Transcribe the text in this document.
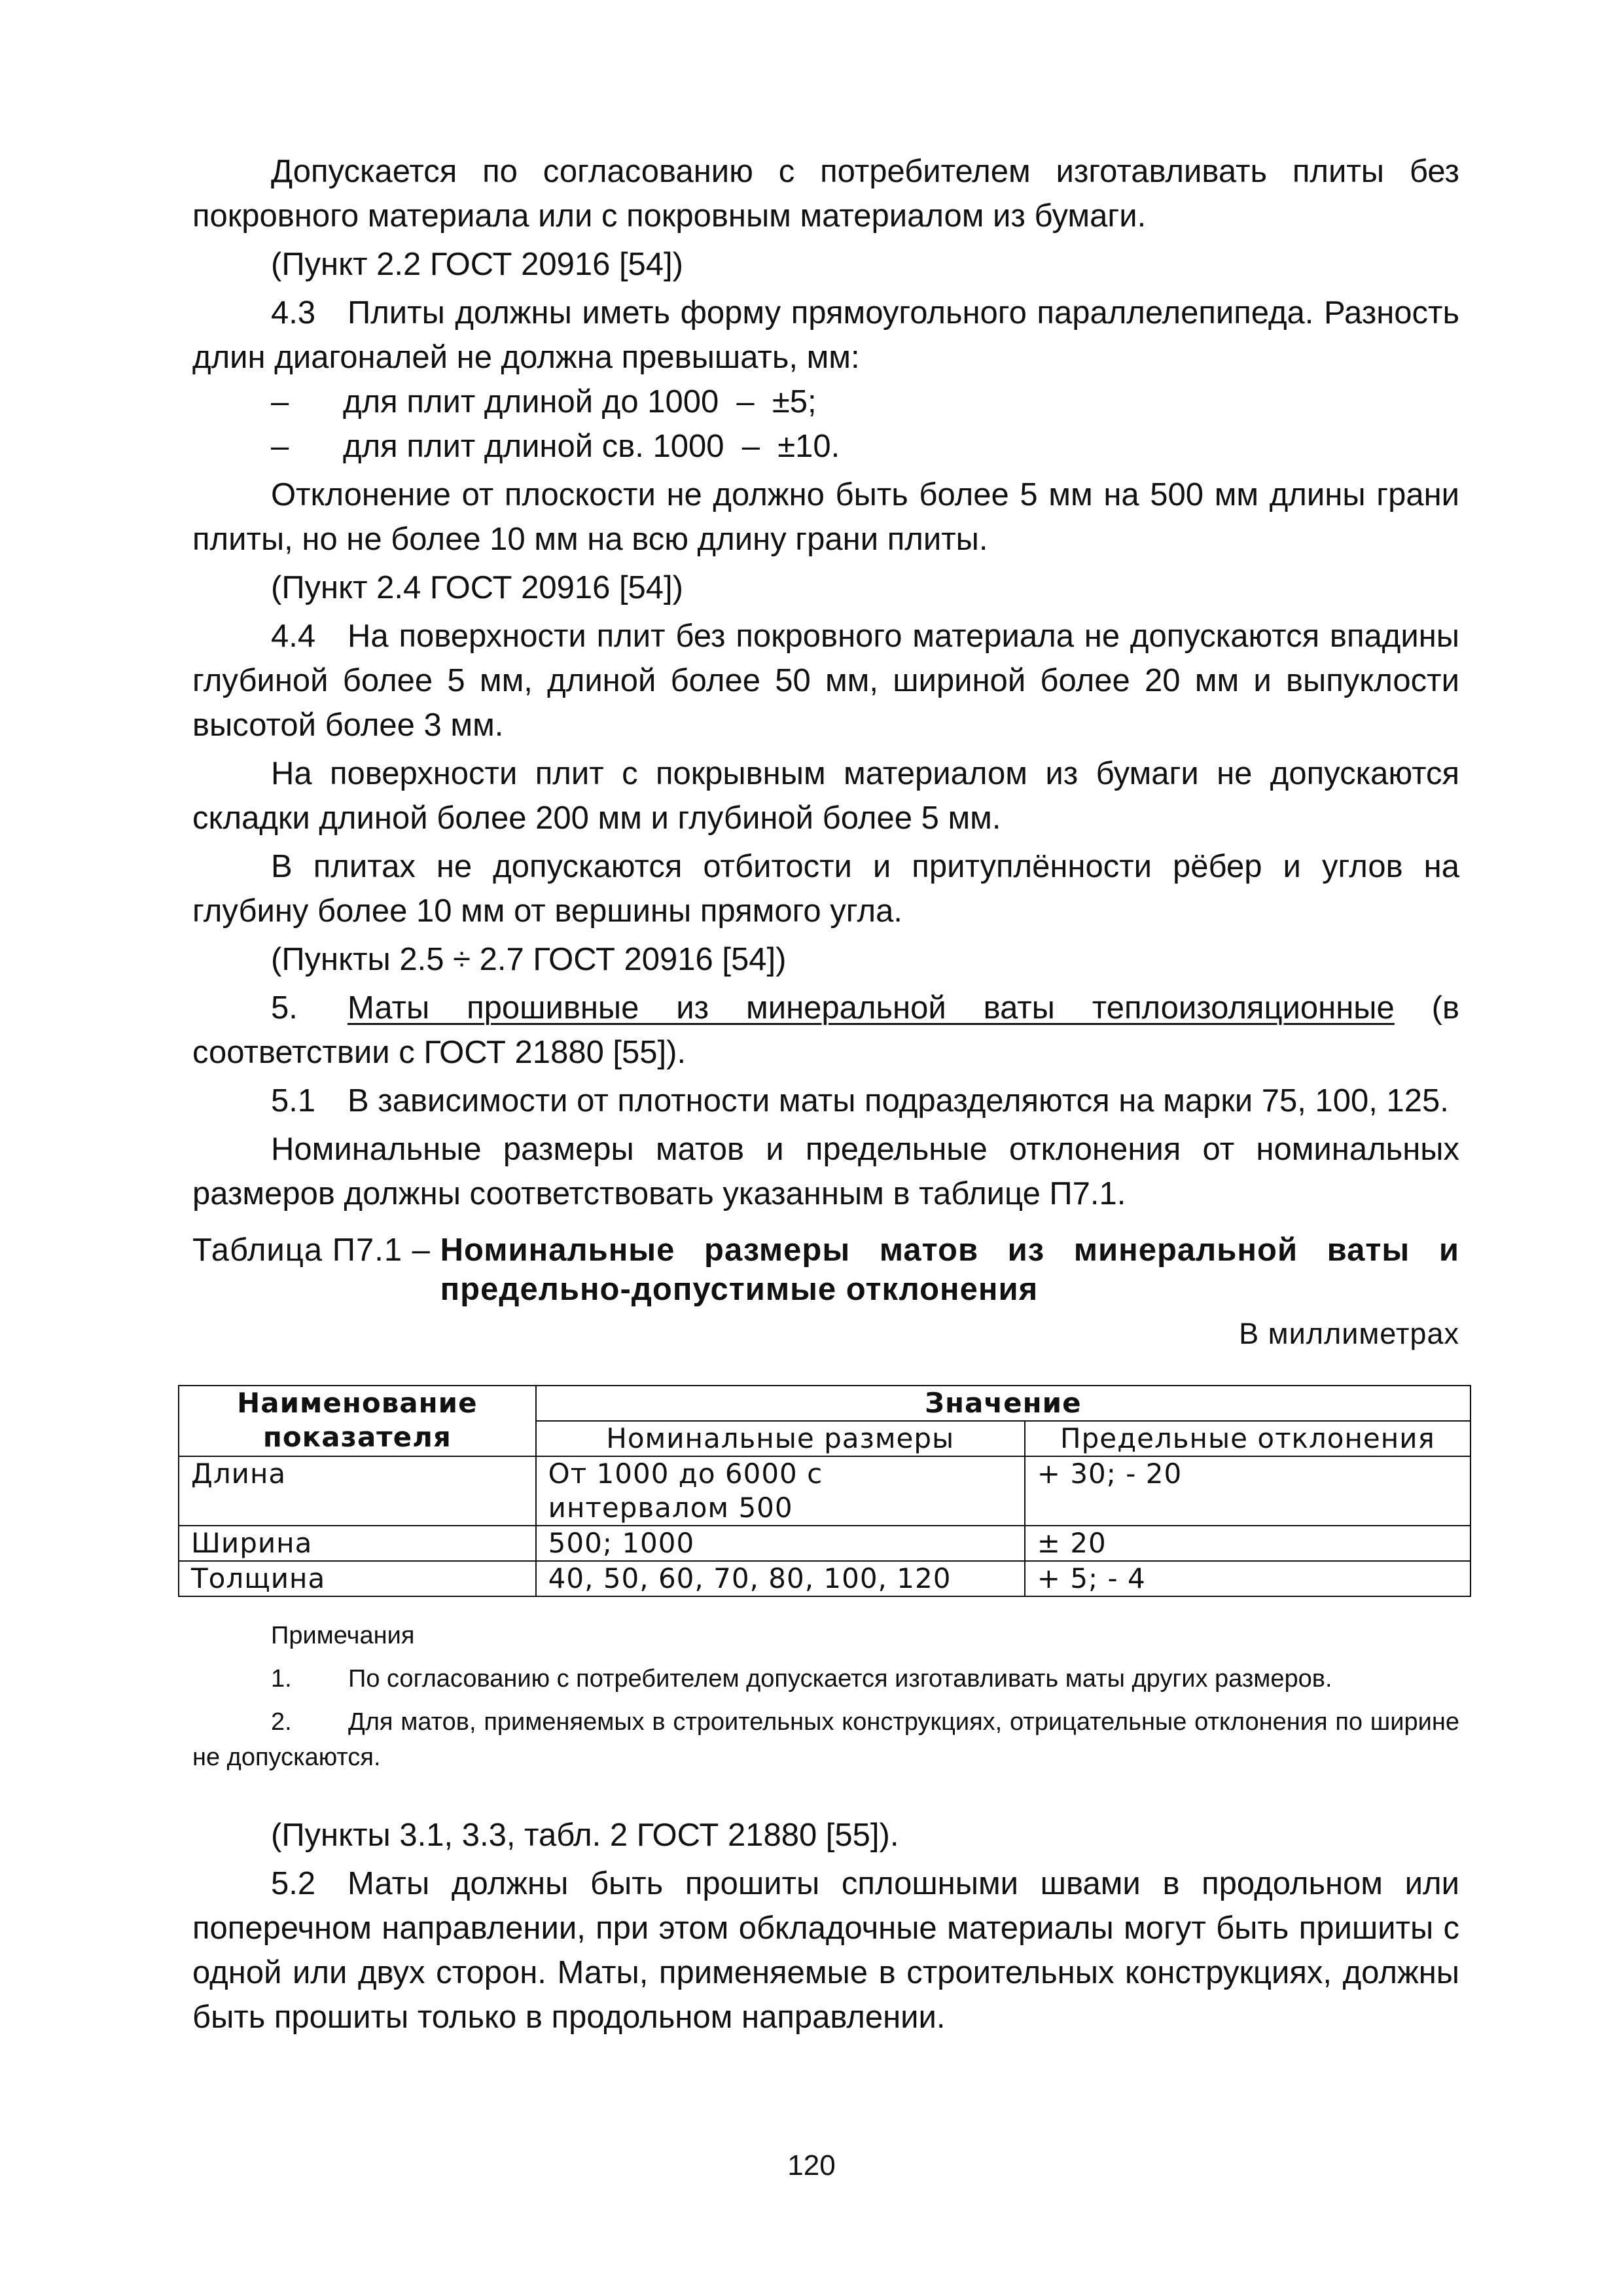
Допускается по согласованию с потребителем изготавливать плиты без покровного материала или с покровным материалом из бумаги.

(Пункт 2.2 ГОСТ 20916 [54])

4.3 Плиты должны иметь форму прямоугольного параллелепипеда. Разность длин диагоналей не должна превышать, мм:

–	для плит длиной до 1000  –  ±5;
–	для плит длиной св. 1000  –  ±10.

Отклонение от плоскости не должно быть более 5 мм на 500 мм длины грани плиты, но не более 10 мм на всю длину грани плиты.

(Пункт 2.4 ГОСТ 20916 [54])

4.4 На поверхности плит без покровного материала не допускаются впадины глубиной более 5 мм, длиной более 50 мм, шириной более 20 мм и выпуклости высотой более 3 мм.

На поверхности плит с покрывным материалом из бумаги не допускаются складки длиной более 200 мм и глубиной более 5 мм.

В плитах не допускаются отбитости и притуплённости рёбер и углов на глубину более 10 мм от вершины прямого угла.

(Пункты 2.5 ÷ 2.7 ГОСТ 20916 [54])

5. Маты прошивные из минеральной ваты теплоизоляционные (в соответствии с ГОСТ 21880 [55]).

5.1 В зависимости от плотности маты подразделяются на марки 75, 100, 125.

Номинальные размеры матов и предельные отклонения от номинальных размеров должны соответствовать указанным в таблице П7.1.

Таблица П7.1 – Номинальные размеры матов из минеральной ваты и предельно-допустимые отклонения
В миллиметрах
Наименование показателя	Значение	
	Номинальные размеры	Предельные отклонения
Длина	От 1000 до 6000 с интервалом 500	+ 30; - 20
Ширина	500; 1000	± 20
Толщина	40, 50, 60, 70, 80, 100, 120	+ 5; - 4
Примечания
1. По согласованию с потребителем допускается изготавливать маты других размеров.
2. Для матов, применяемых в строительных конструкциях, отрицательные отклонения по ширине не допускаются.

(Пункты 3.1, 3.3, табл. 2 ГОСТ 21880 [55]).

5.2 Маты должны быть прошиты сплошными швами в продольном или поперечном направлении, при этом обкладочные материалы могут быть пришиты с одной или двух сторон. Маты, применяемые в строительных конструкциях, должны быть прошиты только в продольном направлении.

120
